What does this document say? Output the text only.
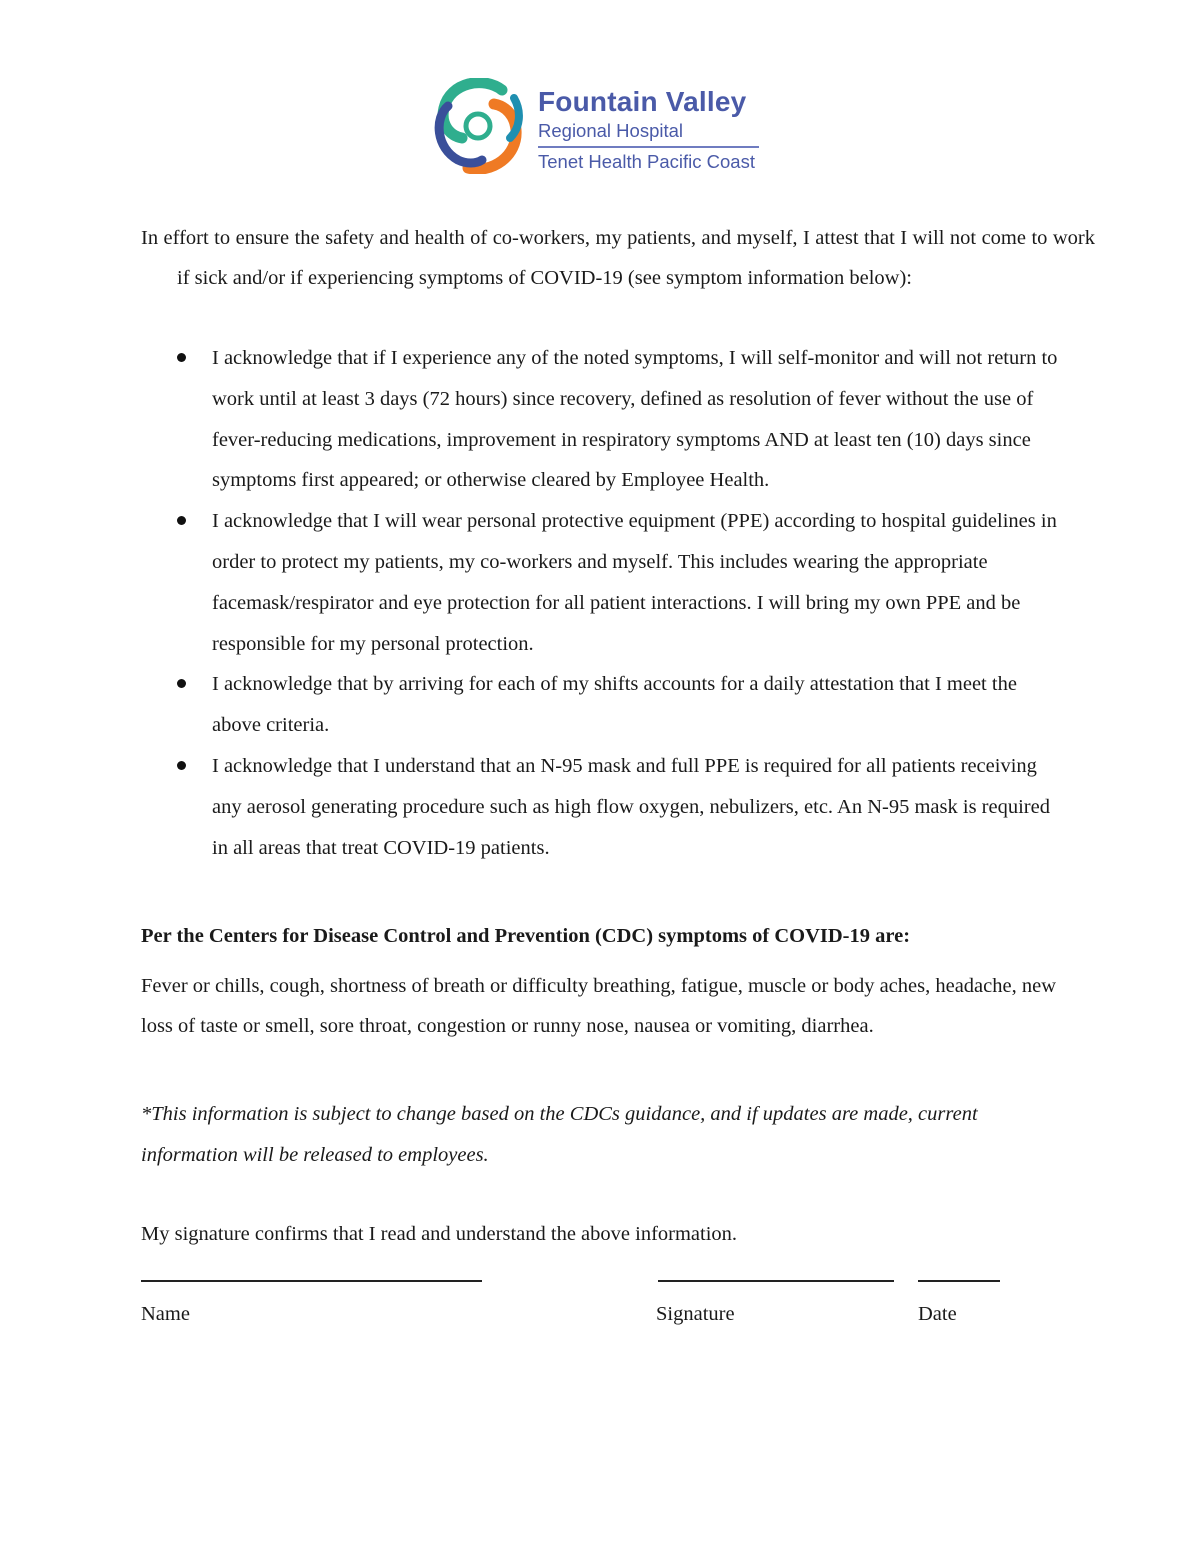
Fountain Valley
Regional Hospital
Tenet Health Pacific Coast

In effort to ensure the safety and health of co-workers, my patients, and myself, I attest that I will not come to work if sick and/or if experiencing symptoms of COVID-19 (see symptom information below):

I acknowledge that if I experience any of the noted symptoms, I will self-monitor and will not return to work until at least 3 days (72 hours) since recovery, defined as resolution of fever without the use of fever-reducing medications, improvement in respiratory symptoms AND at least ten (10) days since symptoms first appeared; or otherwise cleared by Employee Health.
I acknowledge that I will wear personal protective equipment (PPE) according to hospital guidelines in order to protect my patients, my co-workers and myself. This includes wearing the appropriate facemask/respirator and eye protection for all patient interactions. I will bring my own PPE and be responsible for my personal protection.
I acknowledge that by arriving for each of my shifts accounts for a daily attestation that I meet the above criteria.
I acknowledge that I understand that an N-95 mask and full PPE is required for all patients receiving any aerosol generating procedure such as high flow oxygen, nebulizers, etc. An N-95 mask is required in all areas that treat COVID-19 patients.

Per the Centers for Disease Control and Prevention (CDC) symptoms of COVID-19 are:

Fever or chills, cough, shortness of breath or difficulty breathing, fatigue, muscle or body aches, headache, new loss of taste or smell, sore throat, congestion or runny nose, nausea or vomiting, diarrhea.

*This information is subject to change based on the CDCs guidance, and if updates are made, current information will be released to employees.

My signature confirms that I read and understand the above information.

Name	Signature	Date
